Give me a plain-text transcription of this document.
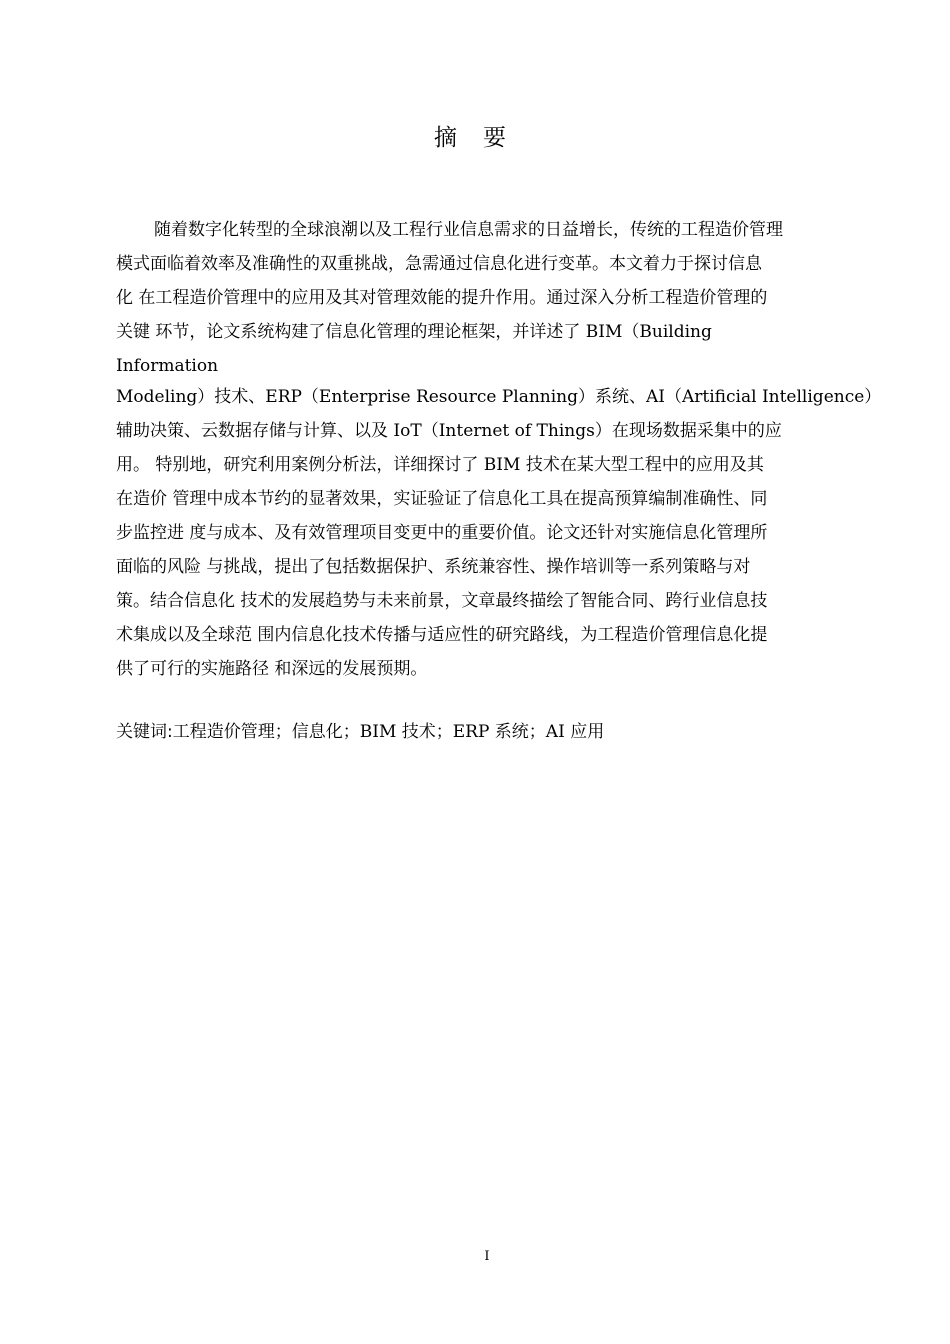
摘要

随着数字化转型的全球浪潮以及工程行业信息需求的日益增长，传统的工程造价管理

模式面临着效率及准确性的双重挑战，急需通过信息化进行变革。本文着力于探讨信息

化 在工程造价管理中的应用及其对管理效能的提升作用。通过深入分析工程造价管理的

关键 环节，论文系统构建了信息化管理的理论框架，并详述了 BIM（Building

Information

Modeling）技术、ERP（Enterprise Resource Planning）系统、AI（Artificial Intelligence）

辅助决策、云数据存储与计算、以及 IoT（Internet of Things）在现场数据采集中的应

用。 特别地，研究利用案例分析法，详细探讨了 BIM 技术在某大型工程中的应用及其

在造价 管理中成本节约的显著效果，实证验证了信息化工具在提高预算编制准确性、同

步监控进 度与成本、及有效管理项目变更中的重要价值。论文还针对实施信息化管理所

面临的风险 与挑战，提出了包括数据保护、系统兼容性、操作培训等一系列策略与对

策。结合信息化 技术的发展趋势与未来前景，文章最终描绘了智能合同、跨行业信息技

术集成以及全球范 围内信息化技术传播与适应性的研究路线，为工程造价管理信息化提

供了可行的实施路径 和深远的发展预期。

关键词:工程造价管理；信息化；BIM 技术；ERP 系统；AI 应用
I
